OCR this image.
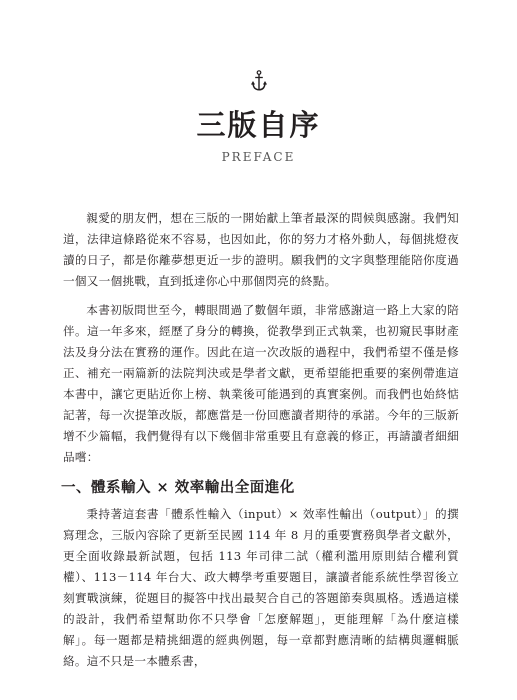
三版自序
PREFACE

親愛的朋友們，想在三版的一開始獻上筆者最深的問候與感謝。我們知道，法律這條路從來不容易，也因如此，你的努力才格外動人，每個挑燈夜讀的日子，都是你離夢想更近一步的證明。願我們的文字與整理能陪你度過一個又一個挑戰，直到抵達你心中那個閃亮的終點。

本書初版問世至今，轉眼間過了數個年頭，非常感謝這一路上大家的陪伴。這一年多來，經歷了身分的轉換，從教學到正式執業，也初窺民事財產法及身分法在實務的運作。因此在這一次改版的過程中，我們希望不僅是修正、補充一兩篇新的法院判決或是學者文獻，更希望能把重要的案例帶進這本書中，讓它更貼近你上榜、執業後可能遇到的真實案例。而我們也始終惦記著，每一次提筆改版，都應當是一份回應讀者期待的承諾。今年的三版新增不少篇幅，我們覺得有以下幾個非常重要且有意義的修正，再請讀者細細品嚐：

一、體系輸入 × 效率輸出全面進化

秉持著這套書「體系性輸入（input）× 效率性輸出（output）」的撰寫理念，三版內容除了更新至民國 114 年 8 月的重要實務與學者文獻外，更全面收錄最新試題，包括 113 年司律二試（權利濫用原則結合權利質權）、113－114 年台大、政大轉學考重要題目，讓讀者能系統性學習後立刻實戰演練，從題目的擬答中找出最契合自己的答題節奏與風格。透過這樣的設計，我們希望幫助你不只學會「怎麼解題」，更能理解「為什麼這樣解」。每一題都是精挑細選的經典例題，每一章都對應清晰的結構與邏輯脈絡。這不只是一本體系書，
